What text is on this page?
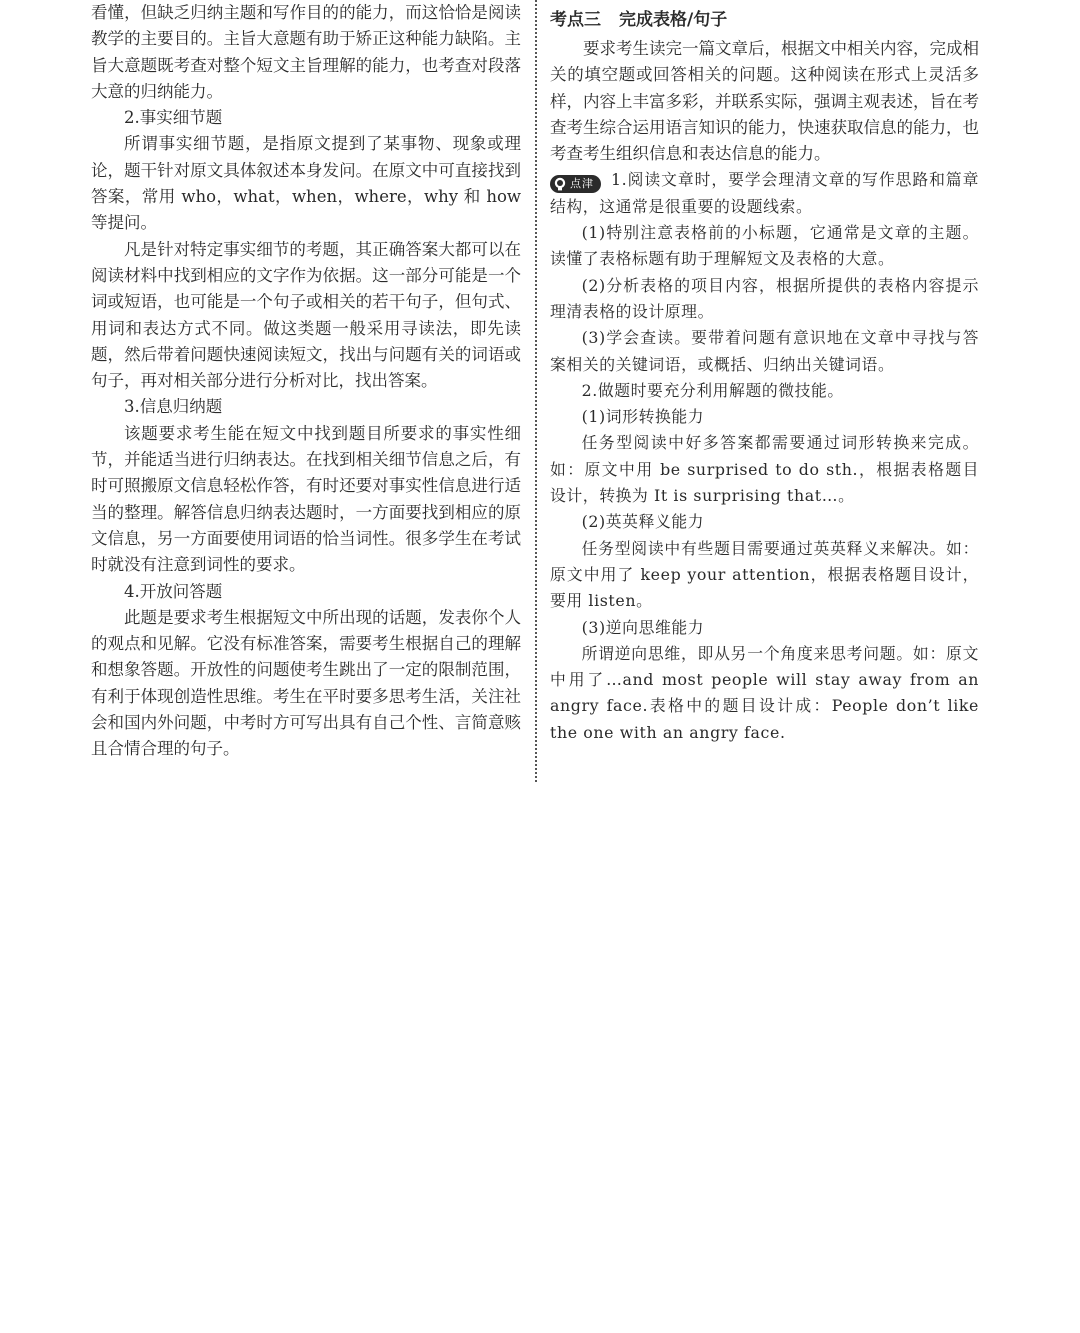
看懂，但缺乏归纳主题和写作目的的能力，而这恰恰是阅读教学的主要目的。主旨大意题有助于矫正这种能力缺陷。主旨大意题既考查对整个短文主旨理解的能力，也考查对段落大意的归纳能力。

2.事实细节题

所谓事实细节题，是指原文提到了某事物、现象或理论，题干针对原文具体叙述本身发问。在原文中可直接找到答案，常用 who，what，when，where，why 和 how 等提问。

凡是针对特定事实细节的考题，其正确答案大都可以在阅读材料中找到相应的文字作为依据。这一部分可能是一个词或短语，也可能是一个句子或相关的若干句子，但句式、用词和表达方式不同。做这类题一般采用寻读法，即先读题，然后带着问题快速阅读短文，找出与问题有关的词语或句子，再对相关部分进行分析对比，找出答案。

3.信息归纳题

该题要求考生能在短文中找到题目所要求的事实性细节，并能适当进行归纳表达。在找到相关细节信息之后，有时可照搬原文信息轻松作答，有时还要对事实性信息进行适当的整理。解答信息归纳表达题时，一方面要找到相应的原文信息，另一方面要使用词语的恰当词性。很多学生在考试时就没有注意到词性的要求。

4.开放问答题

此题是要求考生根据短文中所出现的话题，发表你个人的观点和见解。它没有标准答案，需要考生根据自己的理解和想象答题。开放性的问题使考生跳出了一定的限制范围，有利于体现创造性思维。考生在平时要多思考生活，关注社会和国内外问题，中考时方可写出具有自己个性、言简意赅且合情合理的句子。

考点三 完成表格/句子

要求考生读完一篇文章后，根据文中相关内容，完成相关的填空题或回答相关的问题。这种阅读在形式上灵活多样，内容上丰富多彩，并联系实际，强调主观表述，旨在考查考生综合运用语言知识的能力，快速获取信息的能力，也考查考生组织信息和表达信息的能力。

点津 1.阅读文章时，要学会理清文章的写作思路和篇章结构，这通常是很重要的设题线索。

(1)特别注意表格前的小标题，它通常是文章的主题。读懂了表格标题有助于理解短文及表格的大意。

(2)分析表格的项目内容，根据所提供的表格内容提示理清表格的设计原理。

(3)学会查读。要带着问题有意识地在文章中寻找与答案相关的关键词语，或概括、归纳出关键词语。

2.做题时要充分利用解题的微技能。

(1)词形转换能力

任务型阅读中好多答案都需要通过词形转换来完成。如：原文中用 be surprised to do sth.，根据表格题目设计，转换为 It is surprising that…。

(2)英英释义能力

任务型阅读中有些题目需要通过英英释义来解决。如：原文中用了 keep your attention，根据表格题目设计，要用 listen。

(3)逆向思维能力

所谓逆向思维，即从另一个角度来思考问题。如：原文中用了…and most people will stay away from an angry face.表格中的题目设计成：People don’t like the one with an angry face.
